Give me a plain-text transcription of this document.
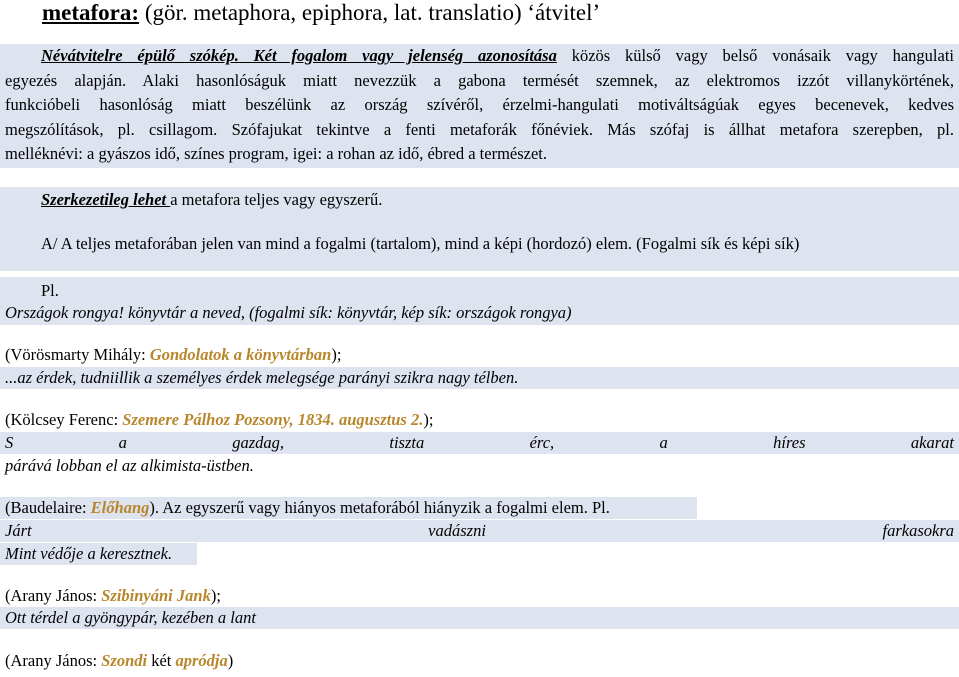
metafora: (gör. metaphora, epiphora, lat. translatio) ‘átvitel’

Névátvitelre épülő szókép. Két fogalom vagy jelenség azonosítása közös külső vagy belső vonásaik vagy hangulati

egyezés alapján. Alaki hasonlóságuk miatt nevezzük a gabona termését szemnek, az elektromos izzót villanykörtének,

funkcióbeli hasonlóság miatt beszélünk az ország szívéről, érzelmi-hangulati motiváltságúak egyes becenevek, kedves

megszólítások, pl. csillagom. Szófajukat tekintve a fenti metaforák főnéviek. Más szófaj is állhat metafora szerepben, pl.

melléknévi: a gyászos idő, színes program, igei: a rohan az idő, ébred a természet.

Szerkezetileg lehet a metafora teljes vagy egyszerű.
A/ A teljes metaforában jelen van mind a fogalmi (tartalom), mind a képi (hordozó) elem. (Fogalmi sík és képi sík)
Pl.
Országok rongya! könyvtár a neved, (fogalmi sík: könyvtár, kép sík: országok rongya)
(Vörösmarty Mihály: Gondolatok a könyvtárban);
...az érdek, tudniillik a személyes érdek melegsége parányi szikra nagy télben.
(Kölcsey Ferenc: Szemere Pálhoz Pozsony, 1834. augusztus 2.);
S	a	gazdag,	tiszta	érc,	a	híres	akarat
párává lobban el az alkimista-üstben.
(Baudelaire: Előhang). Az egyszerű vagy hiányos metaforából hiányzik a fogalmi elem. Pl.
Járt	vadászni	farkasokra
Mint védője a keresztnek.
(Arany János: Szibinyáni Jank);
Ott térdel a gyöngypár, kezében a lant
(Arany János: Szondi két apródja)
